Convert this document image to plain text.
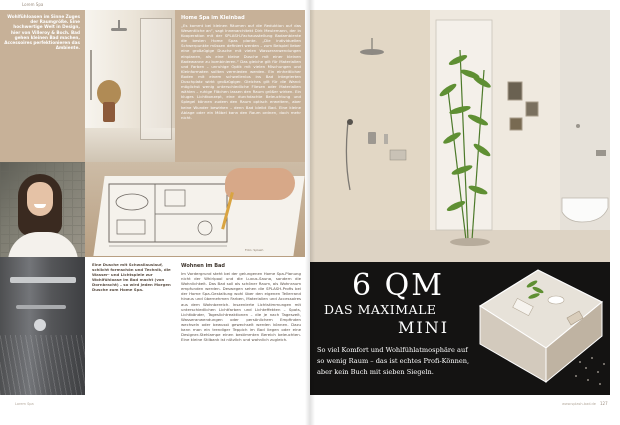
Lorem Spa
Wohlfühloasen im Sinne Zuges der Raumgröße. Eine hochwertige Welt in Design, hier von Villeroy & Boch. Bad gehen kleinen Bad machen, Accessoires perfektionieren das Ambiente.
Home Spa im Kleinbad
„Es kommt bei kleinen Räumen auf die Reduktion auf das Wesentliche an“, sagt Innenarchitekt Dirk Meulemann, der in Kooperation mit der SPLASH-Fachausstellung Badambiente die besten Home Spas plante. „Die individuellen Schwerpunkte müssen definiert werden – zum Beispiel lieber eine großzügige Dusche mit vielen Wasseranwendungen einplanen, als eine kleine Dusche mit einer kleinen Badewanne zu kombinieren.“ Das gleiche gilt für Materialien und Farben – unruhige Optik mit vielen Mischungen und Kleinformaten sollten vermieden werden. Ein einheitlicher Boden mit einem schwellenlos ins Bad integrierten Duschplatz wirkt großzügiger. Gleiches gilt für die Wand: möglichst wenig unterschiedliche Fliesen oder Materialien wählen – ruhige Flächen lassen den Raum größer wirken. Ein kluges Lichtkonzept, eine durchdachte Beleuchtung und Spiegel können zudem den Raum optisch erweitern, aber keine Wunder bewirken – denn Bad bleibt Bad. Eine kleine Ablage oder ein Möbel kann den Raum ordnen, doch mehr nicht.
Foto: Splash
Eine Dusche mit Schwallauslauf, schlicht formschön und Technik, die Wasser- und Lichtspiele zur Wohlfühloase im Bad macht (von Dornbracht) – so wird jeden Morgen Dusche zum Home Spa.
Wohnen im Bad
Im Vordergrund steht bei der gelungenen Home Spa-Planung nicht der Whirlpool und die Luxus-Sauna, sondern die Wohnlichkeit. Das Bad soll als schöner Raum, als Wohnraum empfunden werden. Deswegen sehen die SPLASH-Profis bei der Home Spa-Gestaltung wohl über den eigenen Tellerrand hinaus und übernehmen Farben, Materialien und Accessoires aus dem Wohnbereich. Inszenierte Lichtstimmungen mit unterschiedlichen Lichtfarben und Lichteffekten – Spots, Lichtbänder, Tageslichtreaktionen – die je nach Tageszeit, Wasseranwendungen oder persönlichem Empfinden wechseln oder bewusst gewechselt werden können. Dazu kann man ein trendiger Teppich im Bad liegen oder eine Designer-Stehlampe einen bestimmten Bereich beleuchten. Eine kleine Stilbank ist nützlich und wohnlich zugleich.
Lorem Spa
6 QM
DAS MAXIMALE
MINI
So viel Komfort und Wohlfühlatmosphäre auf so wenig Raum – das ist echtes Profi-Können, aber kein Buch mit sieben Siegeln.
www.splash-bad.de 127
